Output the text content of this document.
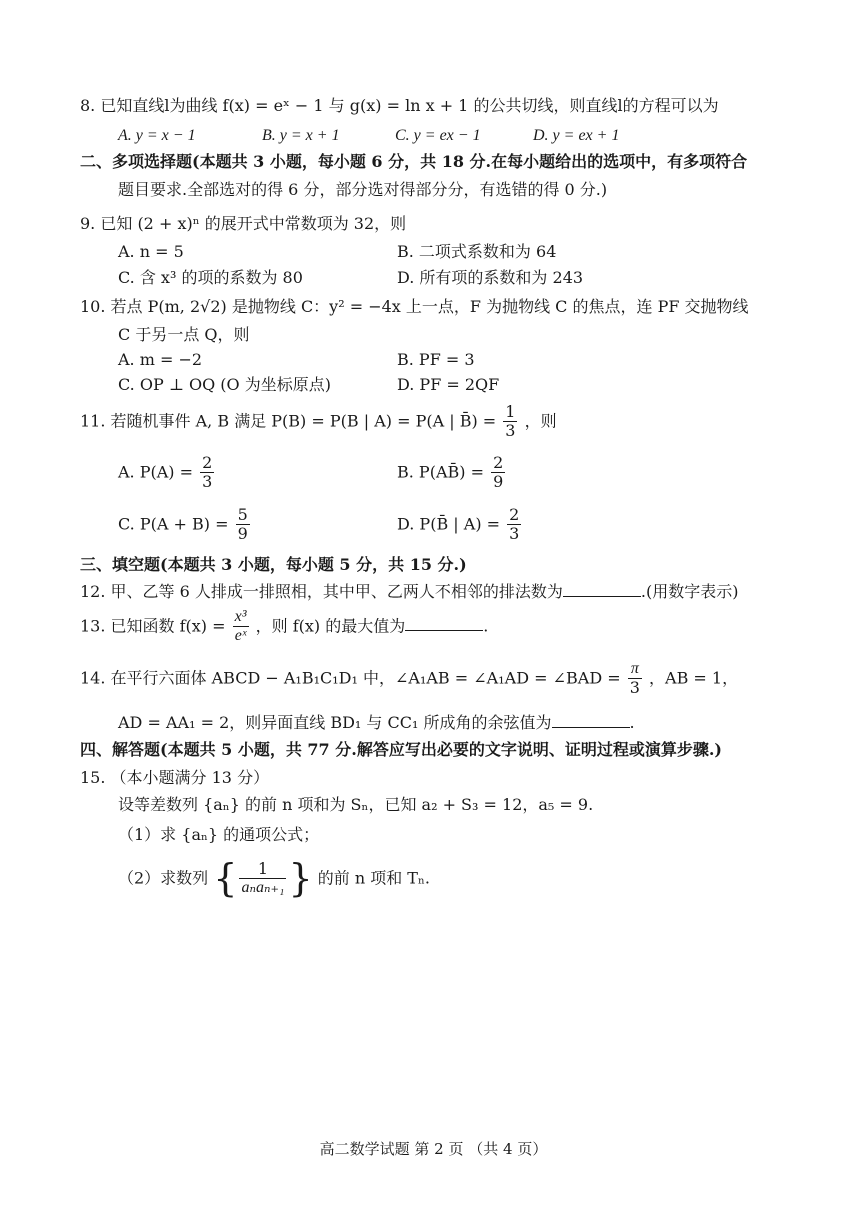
8. 已知直线l为曲线 f(x) = eˣ − 1 与 g(x) = ln x + 1 的公共切线，则直线l的方程可以为
A. y = x − 1	B. y = x + 1	C. y = ex − 1	D. y = ex + 1
二、多项选择题(本题共 3 小题，每小题 6 分，共 18 分.在每小题给出的选项中，有多项符合
题目要求.全部选对的得 6 分，部分选对得部分分，有选错的得 0 分.)
9. 已知 (2 + x)ⁿ 的展开式中常数项为 32，则
A. n = 5	B. 二项式系数和为 64
C. 含 x³ 的项的系数为 80	D. 所有项的系数和为 243
10. 若点 P(m, 2√2) 是抛物线 C：y² = −4x 上一点，F 为抛物线 C 的焦点，连 PF 交抛物线
C 于另一点 Q，则
A. m = −2	B. PF = 3
C. OP ⊥ OQ (O 为坐标原点)	D. PF = 2QF
11. 若随机事件 A, B 满足 P(B) = P(B | A) = P(A | B̄) = $\frac{1}{3}$ ，则
A. $P(A) = \frac{2}{3}$	B. P(AB̄) = $\frac{2}{9}$
C. $P(A + B) = \frac{5}{9}$	D. P(B̄ | $A) = \frac{2}{3}$
三、填空题(本题共 3 小题，每小题 5 分，共 15 分.)
12. 甲、乙等 6 人排成一排照相，其中甲、乙两人不相邻的排法数为	.(用数字表示)
13. 已知函数 $f(x) = \frac{\text{x³}}{\text{eˣ}}$ ，则 f(x) 的最大值为	.
14. 在平行六面体 ABCD − A₁B₁C₁D₁ 中，∠A₁AB = ∠A₁AD = ∠BAD = $\frac{\pi}{3}$ ，AB = 1，
AD = AA₁ = 2，则异面直线 BD₁ 与 CC₁ 所成角的余弦值为	.
四、解答题(本题共 5 小题，共 77 分.解答应写出必要的文字说明、证明过程或演算步骤.)
15. （本小题满分 13 分）
设等差数列 {aₙ} 的前 n 项和为 Sₙ，已知 a₂ + S₃ = 12，a₅ = 9.
（1）求 {aₙ} 的通项公式；
（2）求数列 { $\frac{1}{\text{aₙaₙ₊₁}}$ } 的前 n 项和 Tₙ.
高二数学试题 第 2 页 （共 4 页）
